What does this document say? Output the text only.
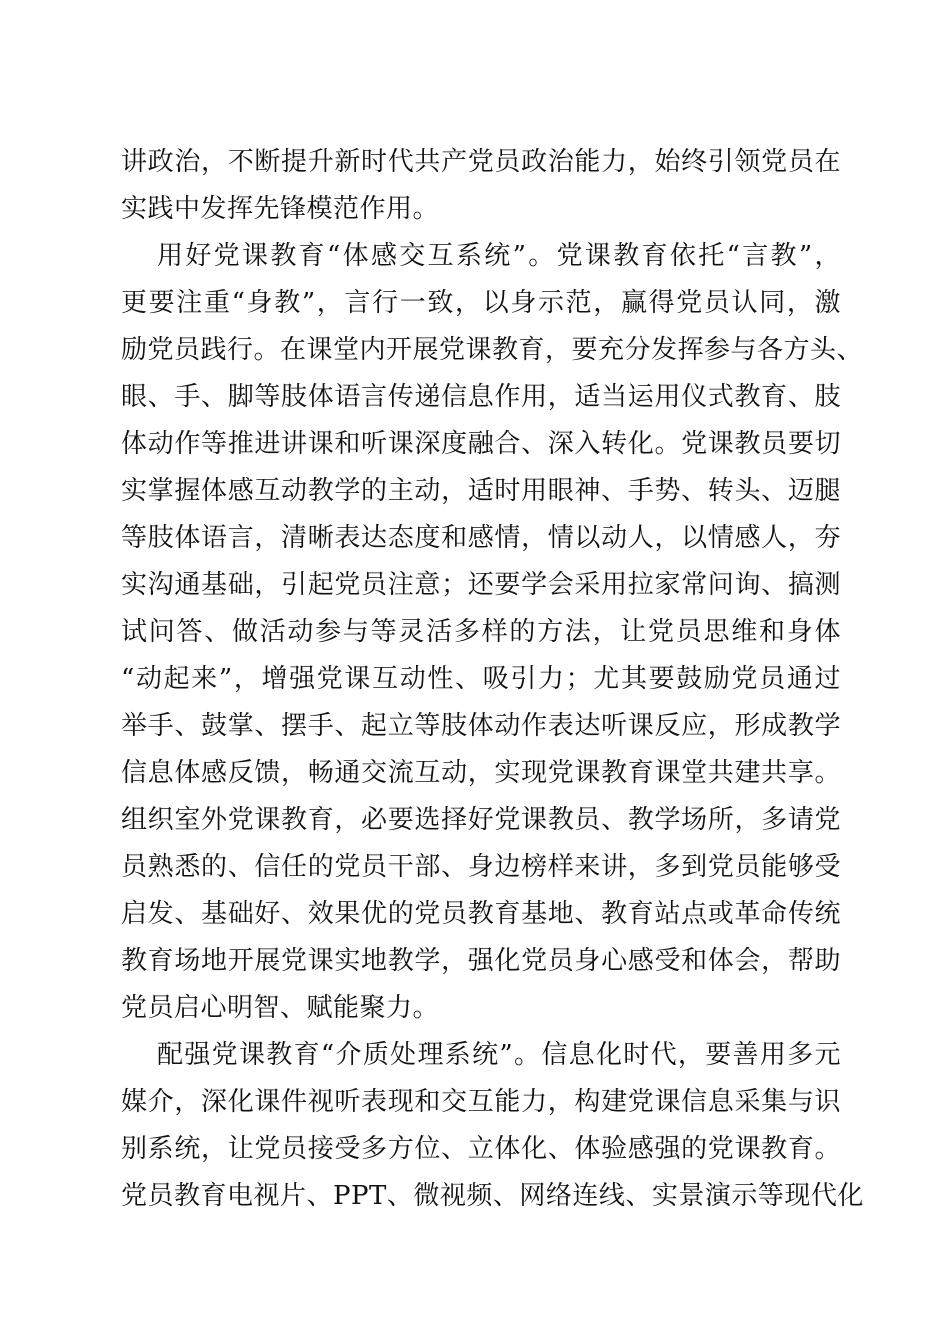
讲政治，不断提升新时代共产党员政治能力，始终引领党员在

实践中发挥先锋模范作用。

用好党课教育“体感交互系统”。党课教育依托“言教”，

更要注重“身教”，言行一致，以身示范，赢得党员认同，激

励党员践行。在课堂内开展党课教育，要充分发挥参与各方头、

眼、手、脚等肢体语言传递信息作用，适当运用仪式教育、肢

体动作等推进讲课和听课深度融合、深入转化。党课教员要切

实掌握体感互动教学的主动，适时用眼神、手势、转头、迈腿

等肢体语言，清晰表达态度和感情，情以动人，以情感人，夯

实沟通基础，引起党员注意；还要学会采用拉家常问询、搞测

试问答、做活动参与等灵活多样的方法，让党员思维和身体

“动起来”，增强党课互动性、吸引力；尤其要鼓励党员通过

举手、鼓掌、摆手、起立等肢体动作表达听课反应，形成教学

信息体感反馈，畅通交流互动，实现党课教育课堂共建共享。

组织室外党课教育，必要选择好党课教员、教学场所，多请党

员熟悉的、信任的党员干部、身边榜样来讲，多到党员能够受

启发、基础好、效果优的党员教育基地、教育站点或革命传统

教育场地开展党课实地教学，强化党员身心感受和体会，帮助

党员启心明智、赋能聚力。

配强党课教育“介质处理系统”。信息化时代，要善用多元

媒介，深化课件视听表现和交互能力，构建党课信息采集与识

别系统，让党员接受多方位、立体化、体验感强的党课教育。

党员教育电视片、PPT、微视频、网络连线、实景演示等现代化
